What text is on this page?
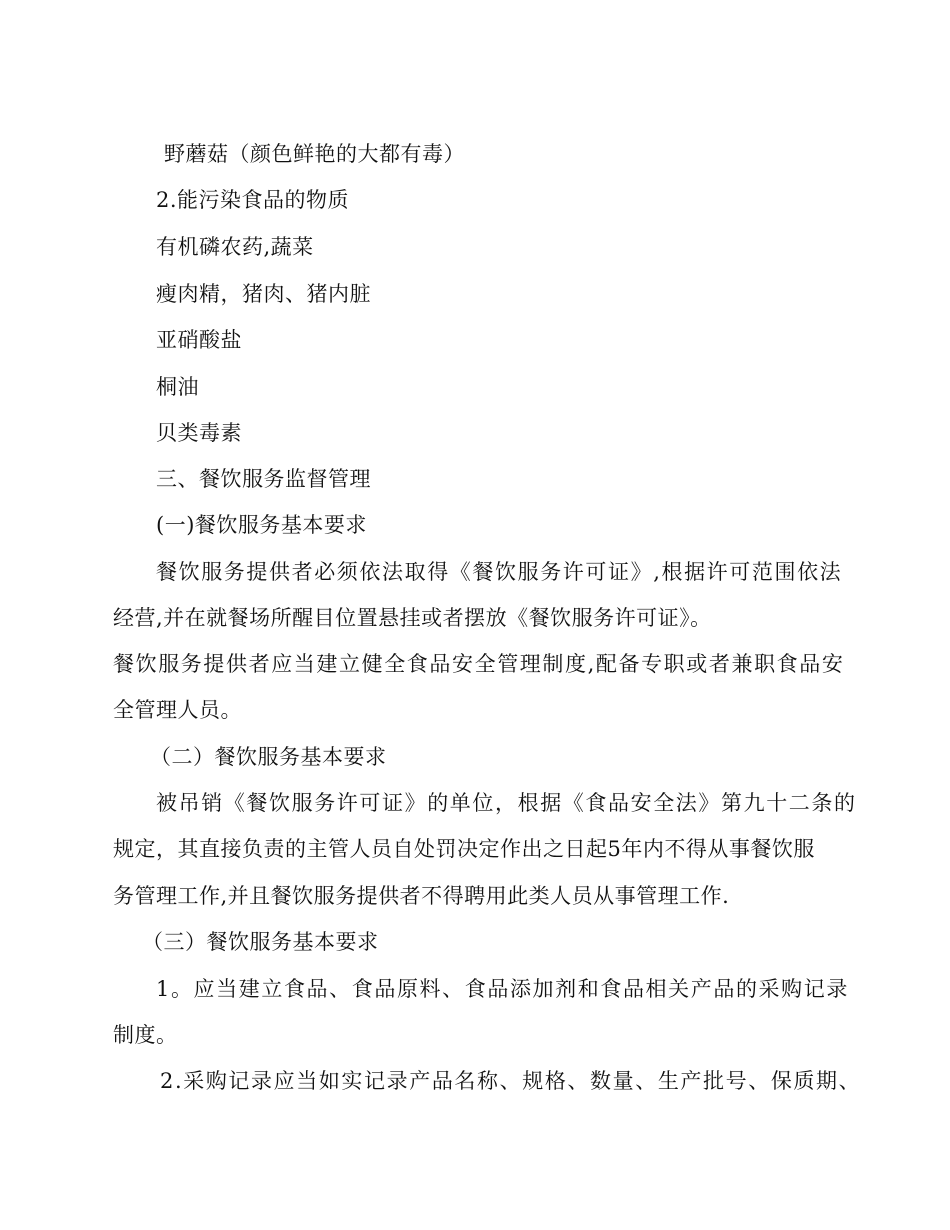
野蘑菇（颜色鲜艳的大都有毒）
2.能污染食品的物质
有机磷农药,蔬菜
瘦肉精，猪肉、猪内脏
亚硝酸盐
桐油
贝类毒素
三、餐饮服务监督管理
(一)餐饮服务基本要求
餐饮服务提供者必须依法取得《餐饮服务许可证》,根据许可范围依法
经营,并在就餐场所醒目位置悬挂或者摆放《餐饮服务许可证》。
餐饮服务提供者应当建立健全食品安全管理制度,配备专职或者兼职食品安
全管理人员。
（二）餐饮服务基本要求
被吊销《餐饮服务许可证》的单位，根据《食品安全法》第九十二条的
规定，其直接负责的主管人员自处罚决定作出之日起5年内不得从事餐饮服
务管理工作,并且餐饮服务提供者不得聘用此类人员从事管理工作.
（三）餐饮服务基本要求
1。应当建立食品、食品原料、食品添加剂和食品相关产品的采购记录
制度。
2.采购记录应当如实记录产品名称、规格、数量、生产批号、保质期、
